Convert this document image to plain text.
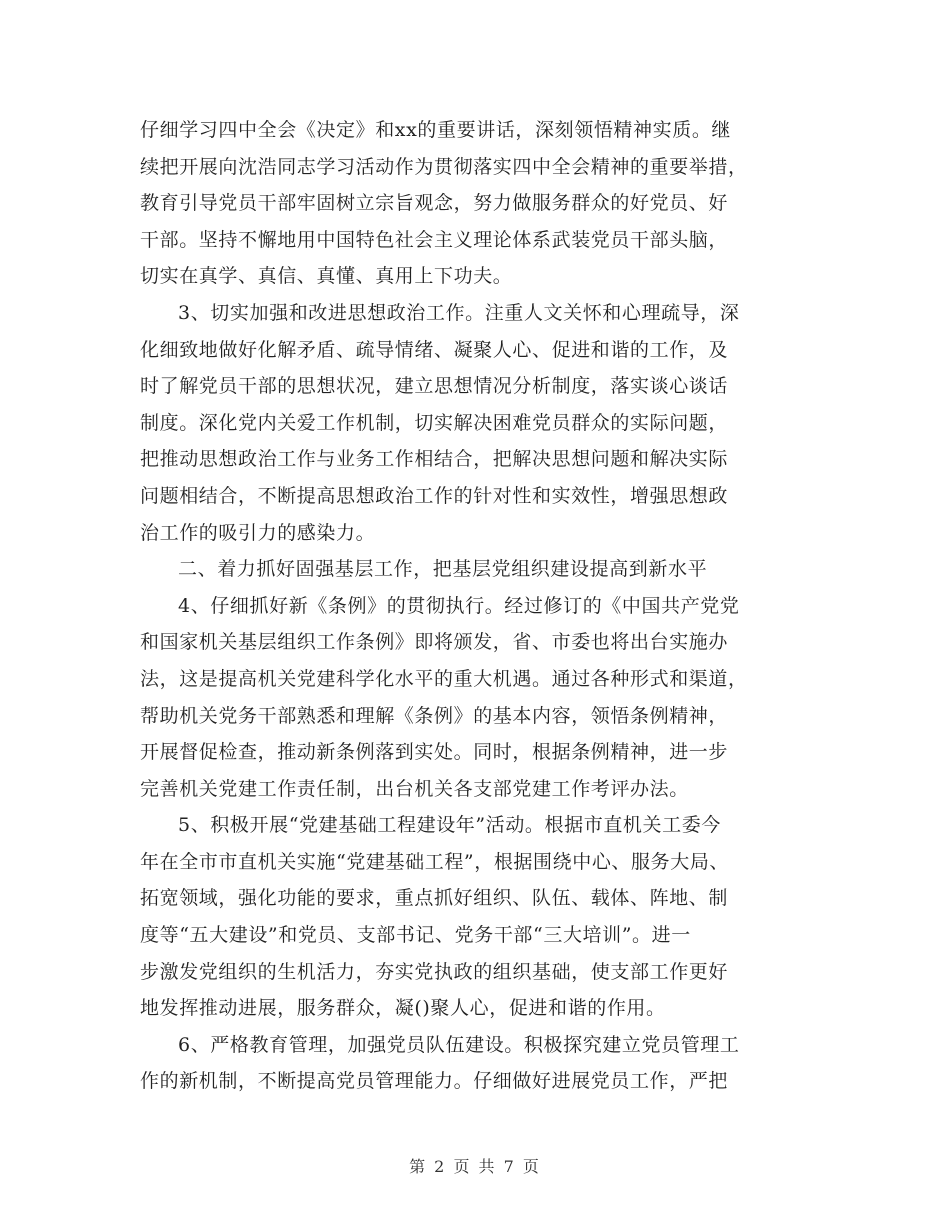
仔细学习四中全会《决定》和xx的重要讲话，深刻领悟精神实质。继
续把开展向沈浩同志学习活动作为贯彻落实四中全会精神的重要举措，
教育引导党员干部牢固树立宗旨观念，努力做服务群众的好党员、好
干部。坚持不懈地用中国特色社会主义理论体系武装党员干部头脑，
切实在真学、真信、真懂、真用上下功夫。
3、切实加强和改进思想政治工作。注重人文关怀和心理疏导，深
化细致地做好化解矛盾、疏导情绪、凝聚人心、促进和谐的工作，及
时了解党员干部的思想状况，建立思想情况分析制度，落实谈心谈话
制度。深化党内关爱工作机制，切实解决困难党员群众的实际问题，
把推动思想政治工作与业务工作相结合，把解决思想问题和解决实际
问题相结合，不断提高思想政治工作的针对性和实效性，增强思想政
治工作的吸引力的感染力。
二、着力抓好固强基层工作，把基层党组织建设提高到新水平
4、仔细抓好新《条例》的贯彻执行。经过修订的《中国共产党党
和国家机关基层组织工作条例》即将颁发，省、市委也将出台实施办
法，这是提高机关党建科学化水平的重大机遇。通过各种形式和渠道，
帮助机关党务干部熟悉和理解《条例》的基本内容，领悟条例精神，
开展督促检查，推动新条例落到实处。同时，根据条例精神，进一步
完善机关党建工作责任制，出台机关各支部党建工作考评办法。
5、积极开展“党建基础工程建设年”活动。根据市直机关工委今
年在全市市直机关实施“党建基础工程”，根据围绕中心、服务大局、
拓宽领域，强化功能的要求，重点抓好组织、队伍、载体、阵地、制
度等“五大建设”和党员、支部书记、党务干部“三大培训”。进一
步激发党组织的生机活力，夯实党执政的组织基础，使支部工作更好
地发挥推动进展，服务群众，凝()聚人心，促进和谐的作用。
6、严格教育管理，加强党员队伍建设。积极探究建立党员管理工
作的新机制，不断提高党员管理能力。仔细做好进展党员工作，严把
第 2 页 共 7 页
